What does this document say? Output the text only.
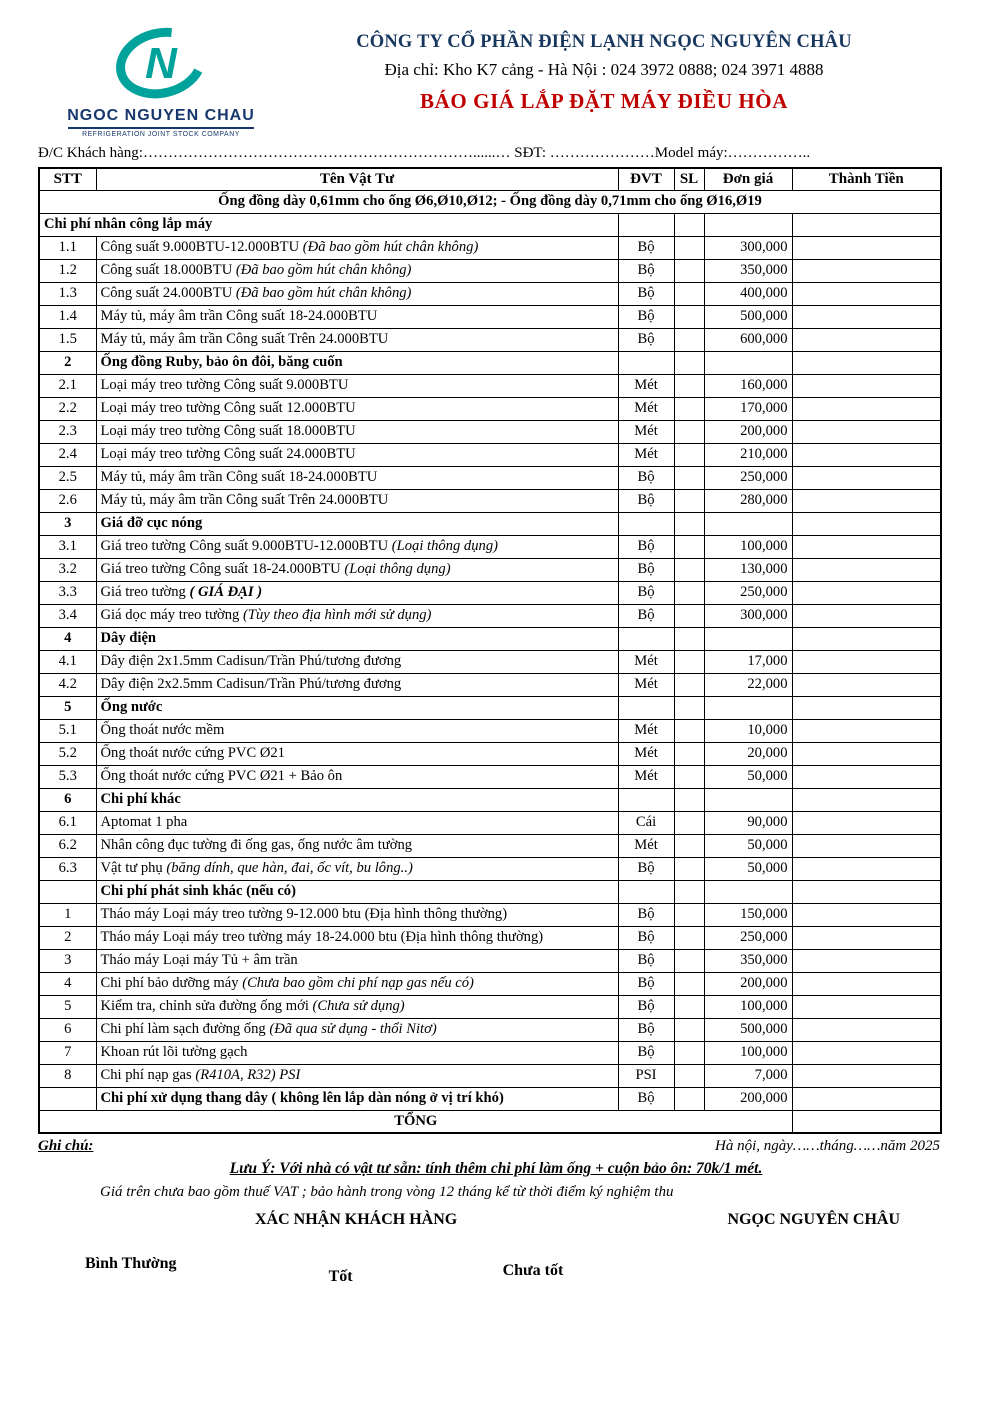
N
NGOC NGUYEN CHAU
REFRIGERATION JOINT STOCK COMPANY
CÔNG TY CỔ PHẦN ĐIỆN LẠNH NGỌC NGUYÊN CHÂU
Địa chỉ: Kho K7 cảng - Hà Nội : 024 3972 0888; 024 3971 4888
BÁO GIÁ LẮP ĐẶT MÁY ĐIỀU HÒA
Đ/C Khách hàng:…………………………………………………………......… SĐT: …………………Model máy:……………..
STT	Tên Vật Tư	ĐVT	SL	Đơn giá	Thành Tiền
Ống đồng dày 0,61mm cho ống Ø6,Ø10,Ø12; - Ống đồng dày 0,71mm cho ống Ø16,Ø19					
Chi phí nhân công lắp máy					
1.1	Công suất 9.000BTU-12.000BTU (Đã bao gồm hút chân không)	Bộ		300,000	
1.2	Công suất 18.000BTU (Đã bao gồm hút chân không)	Bộ		350,000	
1.3	Công suất 24.000BTU (Đã bao gồm hút chân không)	Bộ		400,000	
1.4	Máy tủ, máy âm trần Công suất 18-24.000BTU	Bộ		500,000	
1.5	Máy tủ, máy âm trần Công suất Trên 24.000BTU	Bộ		600,000	
2	Ống đồng Ruby, bảo ôn đôi, băng cuốn				
2.1	Loại máy treo tường Công suất 9.000BTU	Mét		160,000	
2.2	Loại máy treo tường Công suất 12.000BTU	Mét		170,000	
2.3	Loại máy treo tường Công suất 18.000BTU	Mét		200,000	
2.4	Loại máy treo tường Công suất 24.000BTU	Mét		210,000	
2.5	Máy tủ, máy âm trần Công suất 18-24.000BTU	Bộ		250,000	
2.6	Máy tủ, máy âm trần Công suất Trên 24.000BTU	Bộ		280,000	
3	Giá đỡ cục nóng				
3.1	Giá treo tường Công suất 9.000BTU-12.000BTU (Loại thông dụng)	Bộ		100,000	
3.2	Giá treo tường Công suất 18-24.000BTU (Loại thông dụng)	Bộ		130,000	
3.3	Giá treo tường ( GIÁ ĐẠI )	Bộ		250,000	
3.4	Giá dọc máy treo tường (Tùy theo địa hình mới sử dụng)	Bộ		300,000	
4	Dây điện				
4.1	Dây điện 2x1.5mm Cadisun/Trần Phú/tương đương	Mét		17,000	
4.2	Dây điện 2x2.5mm Cadisun/Trần Phú/tương đương	Mét		22,000	
5	Ống nước				
5.1	Ống thoát nước mềm	Mét		10,000	
5.2	Ống thoát nước cứng PVC Ø21	Mét		20,000	
5.3	Ống thoát nước cứng PVC Ø21 + Bảo ôn	Mét		50,000	
6	Chi phí khác				
6.1	Aptomat 1 pha	Cái		90,000	
6.2	Nhân công đục tường đi ống gas, ống nước âm tường	Mét		50,000	
6.3	Vật tư phụ (băng dính, que hàn, đai, ốc vít, bu lông..)	Bộ		50,000	
	Chi phí phát sinh khác (nếu có)				
1	Tháo máy Loại máy treo tường 9-12.000 btu (Địa hình thông thường)	Bộ		150,000	
2	Tháo máy Loại máy treo tường máy 18-24.000 btu (Địa hình thông thường)	Bộ		250,000	
3	Tháo máy Loại máy Tủ + âm trần	Bộ		350,000	
4	Chi phí bảo dưỡng máy (Chưa bao gồm chi phí nạp gas nếu có)	Bộ		200,000	
5	Kiểm tra, chỉnh sửa đường ống mới (Chưa sử dụng)	Bộ		100,000	
6	Chi phí làm sạch đường ống (Đã qua sử dụng - thổi Nitơ)	Bộ		500,000	
7	Khoan rút lõi tường gạch	Bộ		100,000	
8	Chi phí nạp gas (R410A, R32) PSI	PSI		7,000	
	Chi phí xử dụng thang dây ( không lên lắp dàn nóng ở vị trí khó)	Bộ		200,000	
TỔNG					
Ghi chú:	Hà nội, ngày……tháng……năm 2025
Lưu Ý: Với nhà có vật tư sẵn: tính thêm chi phí làm ống + cuộn bảo ôn: 70k/1 mét.
Giá trên chưa bao gồm thuế VAT ; bảo hành trong vòng 12 tháng kể từ thời điểm ký nghiệm thu
XÁC NHẬN KHÁCH HÀNG	NGỌC NGUYÊN CHÂU
Bình Thường
Tốt	Chưa tốt
